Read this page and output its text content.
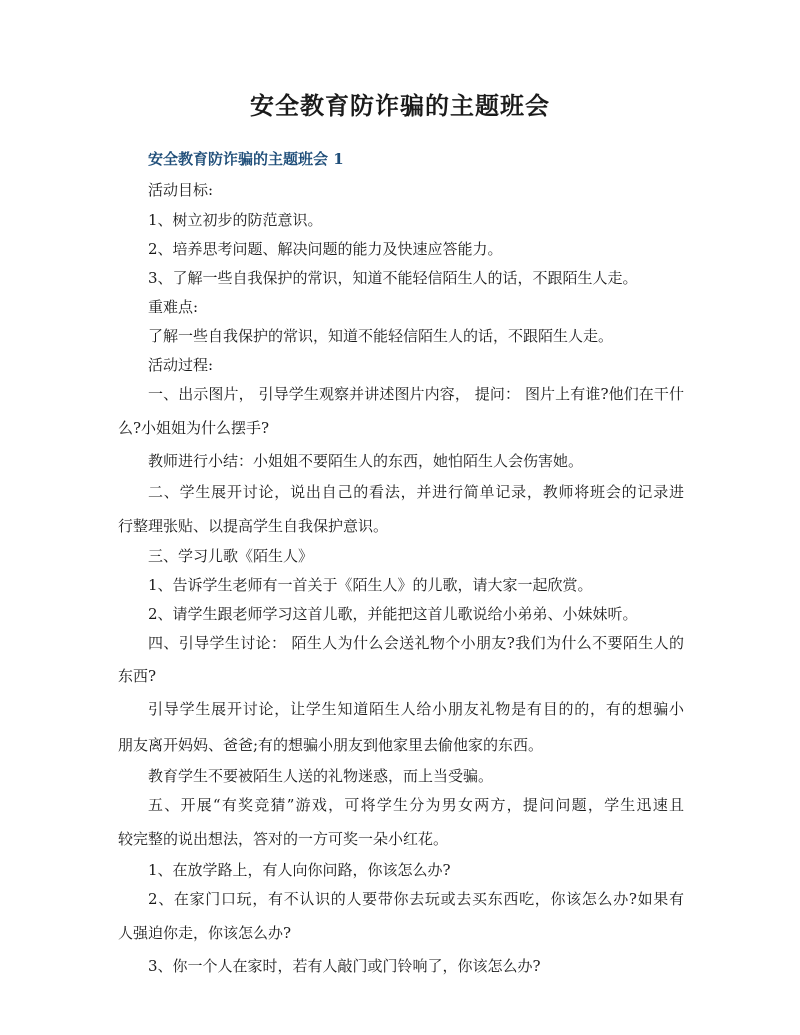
安全教育防诈骗的主题班会
安全教育防诈骗的主题班会 1

活动目标:

1、树立初步的防范意识。

2、培养思考问题、解决问题的能力及快速应答能力。

3、了解一些自我保护的常识，知道不能轻信陌生人的话，不跟陌生人走。

重难点:

了解一些自我保护的常识，知道不能轻信陌生人的话，不跟陌生人走。

活动过程:

一、出示图片， 引导学生观察并讲述图片内容， 提问： 图片上有谁?他们在干什

么?小姐姐为什么摆手?

教师进行小结：小姐姐不要陌生人的东西，她怕陌生人会伤害她。

二、学生展开讨论，说出自己的看法，并进行简单记录，教师将班会的记录进

行整理张贴、以提高学生自我保护意识。

三、学习儿歌《陌生人》

1、告诉学生老师有一首关于《陌生人》的儿歌，请大家一起欣赏。

2、请学生跟老师学习这首儿歌，并能把这首儿歌说给小弟弟、小妹妹听。

四、引导学生讨论： 陌生人为什么会送礼物个小朋友?我们为什么不要陌生人的

东西?

引导学生展开讨论，让学生知道陌生人给小朋友礼物是有目的的，有的想骗小

朋友离开妈妈、爸爸;有的想骗小朋友到他家里去偷他家的东西。

教育学生不要被陌生人送的礼物迷惑，而上当受骗。

五、开展“有奖竞猜”游戏，可将学生分为男女两方，提问问题，学生迅速且

较完整的说出想法，答对的一方可奖一朵小红花。

1、在放学路上，有人向你问路，你该怎么办?

2、在家门口玩，有不认识的人要带你去玩或去买东西吃，你该怎么办?如果有

人强迫你走，你该怎么办?

3、你一个人在家时，若有人敲门或门铃响了，你该怎么办?
